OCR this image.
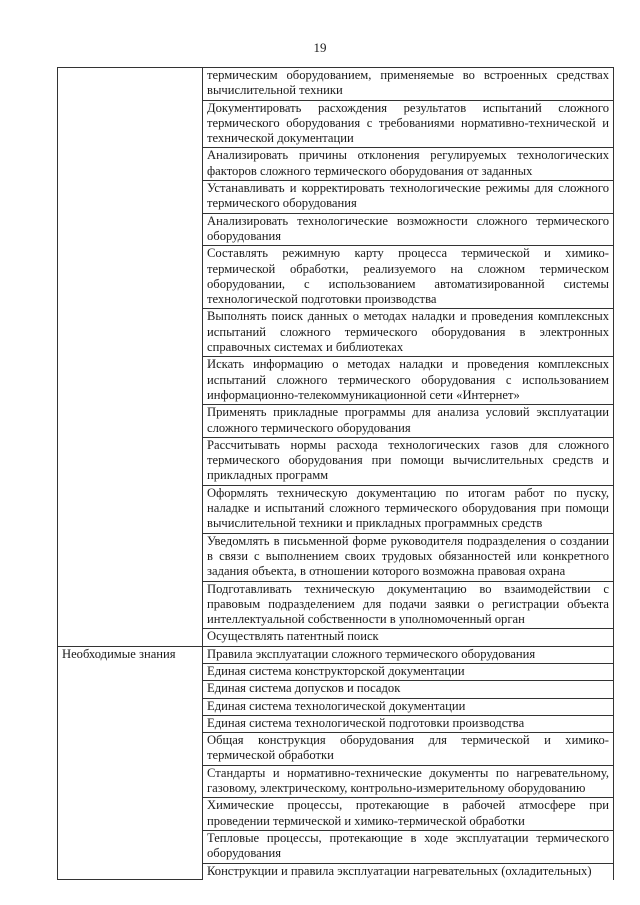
19
	термическим оборудованием, применяемые во встроенных средствах вычислительной техники
	Документировать расхождения результатов испытаний сложного термического оборудования с требованиями нормативно-технической и технической документации
	Анализировать причины отклонения регулируемых технологических факторов сложного термического оборудования от заданных
	Устанавливать и корректировать технологические режимы для сложного термического оборудования
	Анализировать технологические возможности сложного термического оборудования
	Составлять режимную карту процесса термической и химико-термической обработки, реализуемого на сложном термическом оборудовании, с использованием автоматизированной системы технологической подготовки производства
	Выполнять поиск данных о методах наладки и проведения комплексных испытаний сложного термического оборудования в электронных справочных системах и библиотеках
	Искать информацию о методах наладки и проведения комплексных испытаний сложного термического оборудования с использованием информационно-телекоммуникационной сети «Интернет»
	Применять прикладные программы для анализа условий эксплуатации сложного термического оборудования
	Рассчитывать нормы расхода технологических газов для сложного термического оборудования при помощи вычислительных средств и прикладных программ
	Оформлять техническую документацию по итогам работ по пуску, наладке и испытаний сложного термического оборудования при помощи вычислительной техники и прикладных программных средств
	Уведомлять в письменной форме руководителя подразделения о создании в связи с выполнением своих трудовых обязанностей или конкретного задания объекта, в отношении которого возможна правовая охрана
	Подготавливать техническую документацию во взаимодействии с правовым подразделением для подачи заявки о регистрации объекта интеллектуальной собственности в уполномоченный орган
	Осуществлять патентный поиск
Необходимые знания	Правила эксплуатации сложного термического оборудования
	Единая система конструкторской документации
	Единая система допусков и посадок
	Единая система технологической документации
	Единая система технологической подготовки производства
	Общая конструкция оборудования для термической и химико-термической обработки
	Стандарты и нормативно-технические документы по нагревательному, газовому, электрическому, контрольно-измерительному оборудованию
	Химические процессы, протекающие в рабочей атмосфере при проведении термической и химико-термической обработки
	Тепловые процессы, протекающие в ходе эксплуатации термического оборудования
	Конструкции и правила эксплуатации нагревательных (охладительных)
